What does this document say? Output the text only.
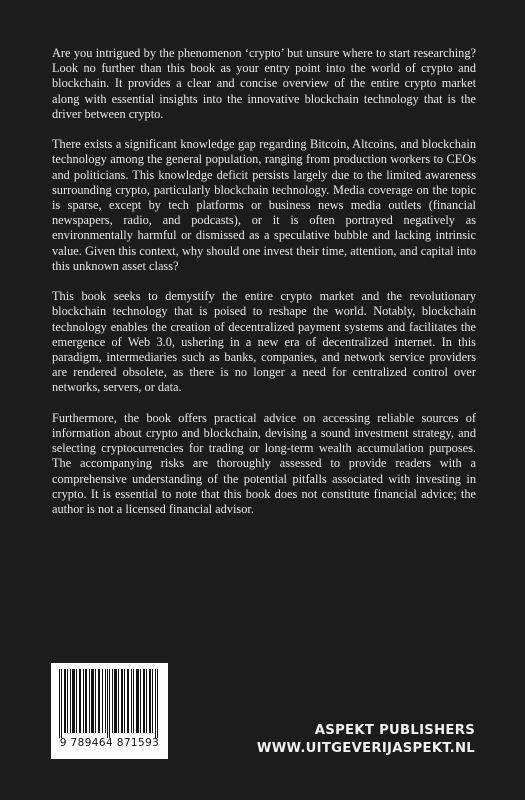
Are you intrigued by the phenomenon ‘crypto’ but unsure where to start researching? Look no further than this book as your entry point into the world of crypto and blockchain. It provides a clear and concise overview of the entire crypto market along with essential insights into the innovative blockchain technology that is the driver between crypto.

There exists a significant knowledge gap regarding Bitcoin, Altcoins, and blockchain technology among the general population, ranging from production workers to CEOs and politicians. This knowledge deficit persists largely due to the limited awareness surrounding crypto, particularly blockchain technology. Media coverage on the topic is sparse, except by tech platforms or business news media outlets (financial newspapers, radio, and podcasts), or it is often portrayed negatively as environmentally harmful or dismissed as a speculative bubble and lacking intrinsic value. Given this context, why should one invest their time, attention, and capital into this unknown asset class?

This book seeks to demystify the entire crypto market and the revolutionary blockchain technology that is poised to reshape the world. Notably, blockchain technology enables the creation of decentralized payment systems and facilitates the emergence of Web 3.0, ushering in a new era of decentralized internet. In this paradigm, intermediaries such as banks, companies, and network service providers are rendered obsolete, as there is no longer a need for centralized control over networks, servers, or data.

Furthermore, the book offers practical advice on accessing reliable sources of information about crypto and blockchain, devising a sound investment strategy, and selecting cryptocurrencies for trading or long-term wealth accumulation purposes. The accompanying risks are thoroughly assessed to provide readers with a comprehensive understanding of the potential pitfalls associated with investing in crypto. It is essential to note that this book does not constitute financial advice; the author is not a licensed financial advisor.

9 789464 871593
ASPEKT PUBLISHERS
WWW.UITGEVERIJASPEKT.NL
